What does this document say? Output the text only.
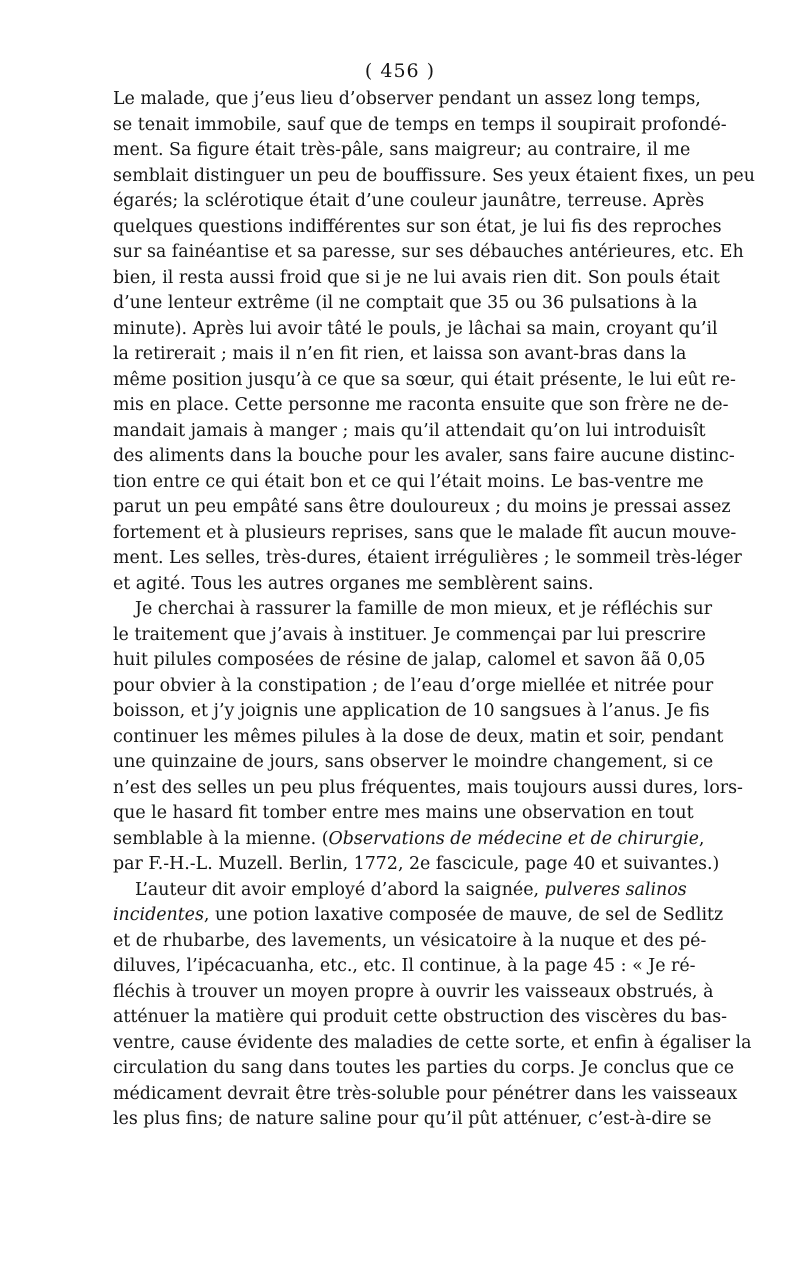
( 456 )
Le malade, que j’eus lieu d’observer pendant un assez long temps,
se tenait immobile, sauf que de temps en temps il soupirait profondé-
ment. Sa figure était très-pâle, sans maigreur; au contraire, il me
semblait distinguer un peu de bouffissure. Ses yeux étaient fixes, un peu
égarés; la sclérotique était d’une couleur jaunâtre, terreuse. Après
quelques questions indifférentes sur son état, je lui fis des reproches
sur sa fainéantise et sa paresse, sur ses débauches antérieures, etc. Eh
bien, il resta aussi froid que si je ne lui avais rien dit. Son pouls était
d’une lenteur extrême (il ne comptait que 35 ou 36 pulsations à la
minute). Après lui avoir tâté le pouls, je lâchai sa main, croyant qu’il
la retirerait ; mais il n’en fit rien, et laissa son avant-bras dans la
même position jusqu’à ce que sa sœur, qui était présente, le lui eût re-
mis en place. Cette personne me raconta ensuite que son frère ne de-
mandait jamais à manger ; mais qu’il attendait qu’on lui introduisît
des aliments dans la bouche pour les avaler, sans faire aucune distinc-
tion entre ce qui était bon et ce qui l’était moins. Le bas-ventre me
parut un peu empâté sans être douloureux ; du moins je pressai assez
fortement et à plusieurs reprises, sans que le malade fît aucun mouve-
ment. Les selles, très-dures, étaient irrégulières ; le sommeil très-léger
et agité. Tous les autres organes me semblèrent sains.
Je cherchai à rassurer la famille de mon mieux, et je réfléchis sur
le traitement que j’avais à instituer. Je commençai par lui prescrire
huit pilules composées de résine de jalap, calomel et savon ãã 0,05
pour obvier à la constipation ; de l’eau d’orge miellée et nitrée pour
boisson, et j’y joignis une application de 10 sangsues à l’anus. Je fis
continuer les mêmes pilules à la dose de deux, matin et soir, pendant
une quinzaine de jours, sans observer le moindre changement, si ce
n’est des selles un peu plus fréquentes, mais toujours aussi dures, lors-
que le hasard fit tomber entre mes mains une observation en tout
semblable à la mienne. (Observations de médecine et de chirurgie,
par F.-H.-L. Muzell. Berlin, 1772, 2e fascicule, page 40 et suivantes.)
L’auteur dit avoir employé d’abord la saignée, pulveres salinos
incidentes, une potion laxative composée de mauve, de sel de Sedlitz
et de rhubarbe, des lavements, un vésicatoire à la nuque et des pé-
diluves, l’ipécacuanha, etc., etc. Il continue, à la page 45 : « Je ré-
fléchis à trouver un moyen propre à ouvrir les vaisseaux obstrués, à
atténuer la matière qui produit cette obstruction des viscères du bas-
ventre, cause évidente des maladies de cette sorte, et enfin à égaliser la
circulation du sang dans toutes les parties du corps. Je conclus que ce
médicament devrait être très-soluble pour pénétrer dans les vaisseaux
les plus fins; de nature saline pour qu’il pût atténuer, c’est-à-dire se
